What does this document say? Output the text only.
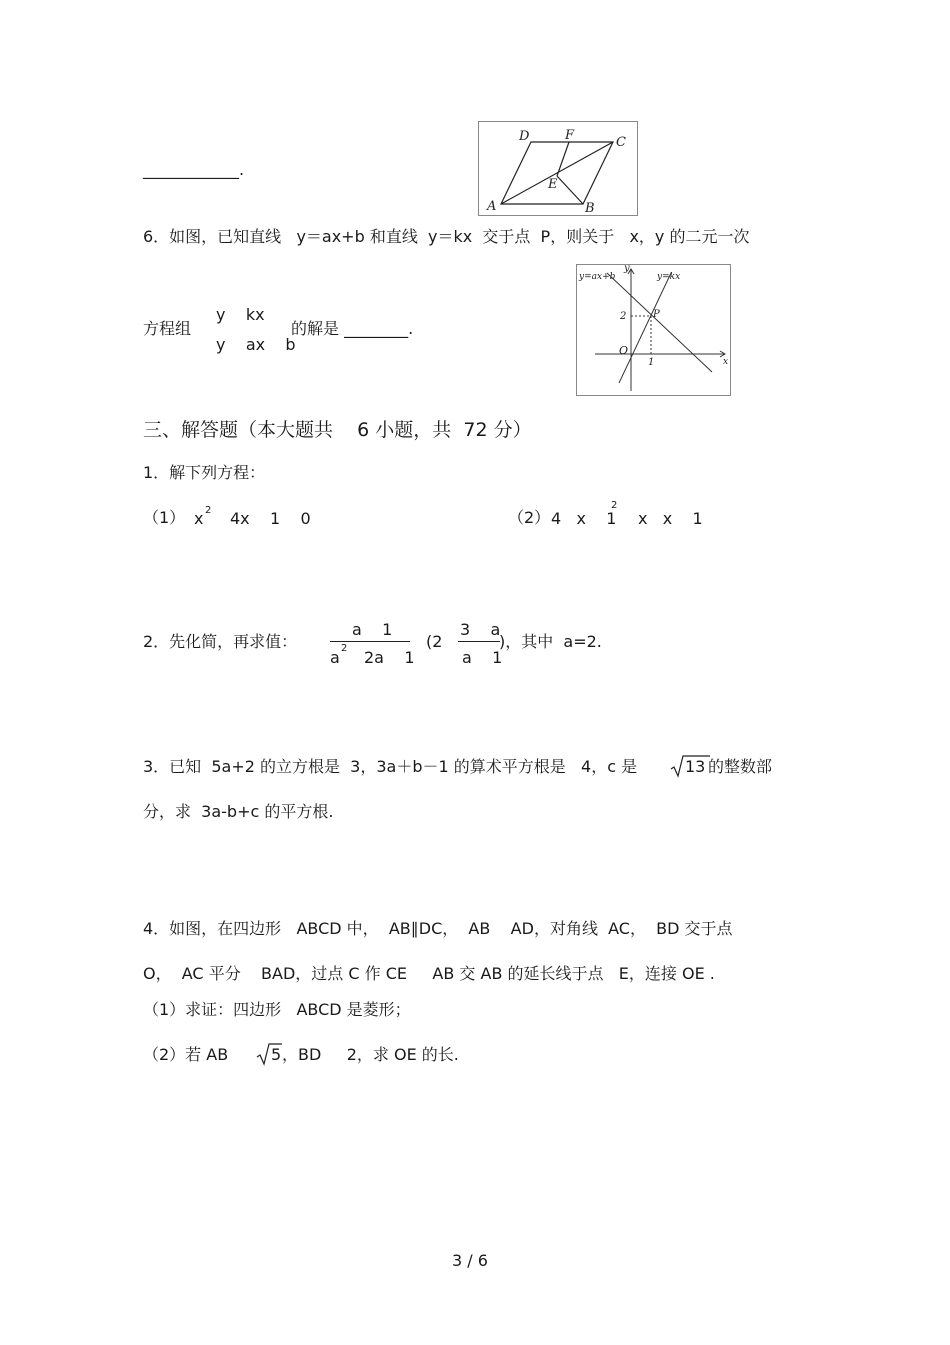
____________.
D	F	C
E
A	B
6．如图，已知直线   y＝ax+b 和直线  y＝kx  交于点  P，则关于   x，y 的二元一次
方程组
y    kx
y    ax    b
的解是 ________.
y=ax+b	y=kx
y
x
2
1
O
P
三、解答题（本大题共    6 小题，共  72 分）
1．解下列方程：
（1） x 2 4x    1    0	（2） 4   x    1
2
x   x    1
2．先化简，再求值：
a    1
a 2 2a    1
(2
3    a
a    1
)，其中  a=2.
3．已知  5a+2 的立方根是  3，3a＋b－1 的算术平方根是   4，c 是	13 的整数部
分，求  3a-b+c 的平方根.
4．如图，在四边形   ABCD 中，  AB∥DC，  AB    AD，对角线  AC，  BD 交于点
O，  AC 平分    BAD，过点 C 作 CE     AB 交 AB 的延长线于点   E，连接 OE .
（1）求证：四边形   ABCD 是菱形；
（2）若 AB	5 ，BD     2，求 OE 的长.
3 / 6
